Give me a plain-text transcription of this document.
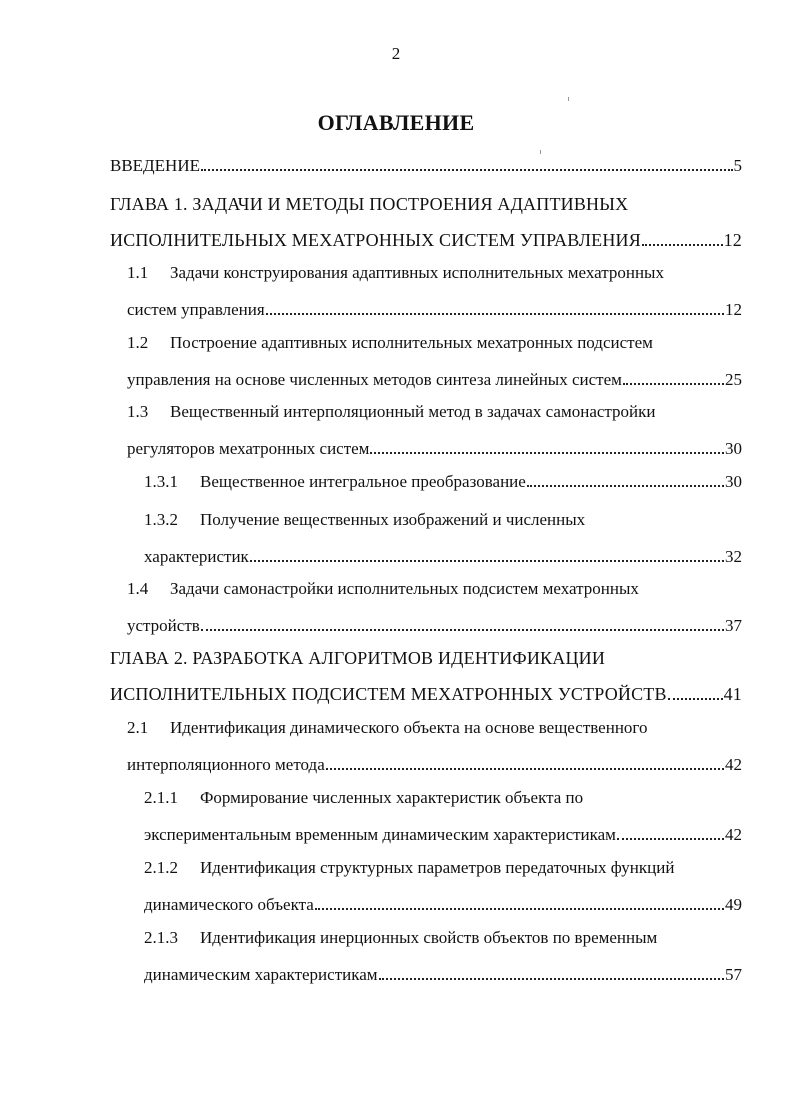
2
ОГЛАВЛЕНИЕ
ВВЕДЕНИЕ	5
ГЛАВА 1. ЗАДАЧИ И МЕТОДЫ ПОСТРОЕНИЯ АДАПТИВНЫХ
ИСПОЛНИТЕЛЬНЫХ МЕХАТРОННЫХ СИСТЕМ УПРАВЛЕНИЯ	12
1.1 Задачи конструирования адаптивных исполнительных мехатронных
систем управления	12
1.2 Построение адаптивных исполнительных мехатронных подсистем
управления на основе численных методов синтеза линейных систем	25
1.3 Вещественный интерполяционный метод в задачах самонастройки
регуляторов мехатронных систем	30
1.3.1 Вещественное интегральное преобразование	30
1.3.2 Получение вещественных изображений и численных
характеристик	32
1.4 Задачи самонастройки исполнительных подсистем мехатронных
устройств	37
ГЛАВА 2. РАЗРАБОТКА АЛГОРИТМОВ ИДЕНТИФИКАЦИИ
ИСПОЛНИТЕЛЬНЫХ ПОДСИСТЕМ МЕХАТРОННЫХ УСТРОЙСТВ	41
2.1 Идентификация динамического объекта на основе вещественного
интерполяционного метода	42
2.1.1 Формирование численных характеристик объекта по
экспериментальным временным динамическим характеристикам	42
2.1.2 Идентификация структурных параметров передаточных функций
динамического объекта	49
2.1.3 Идентификация инерционных свойств объектов по временным
динамическим характеристикам	57
